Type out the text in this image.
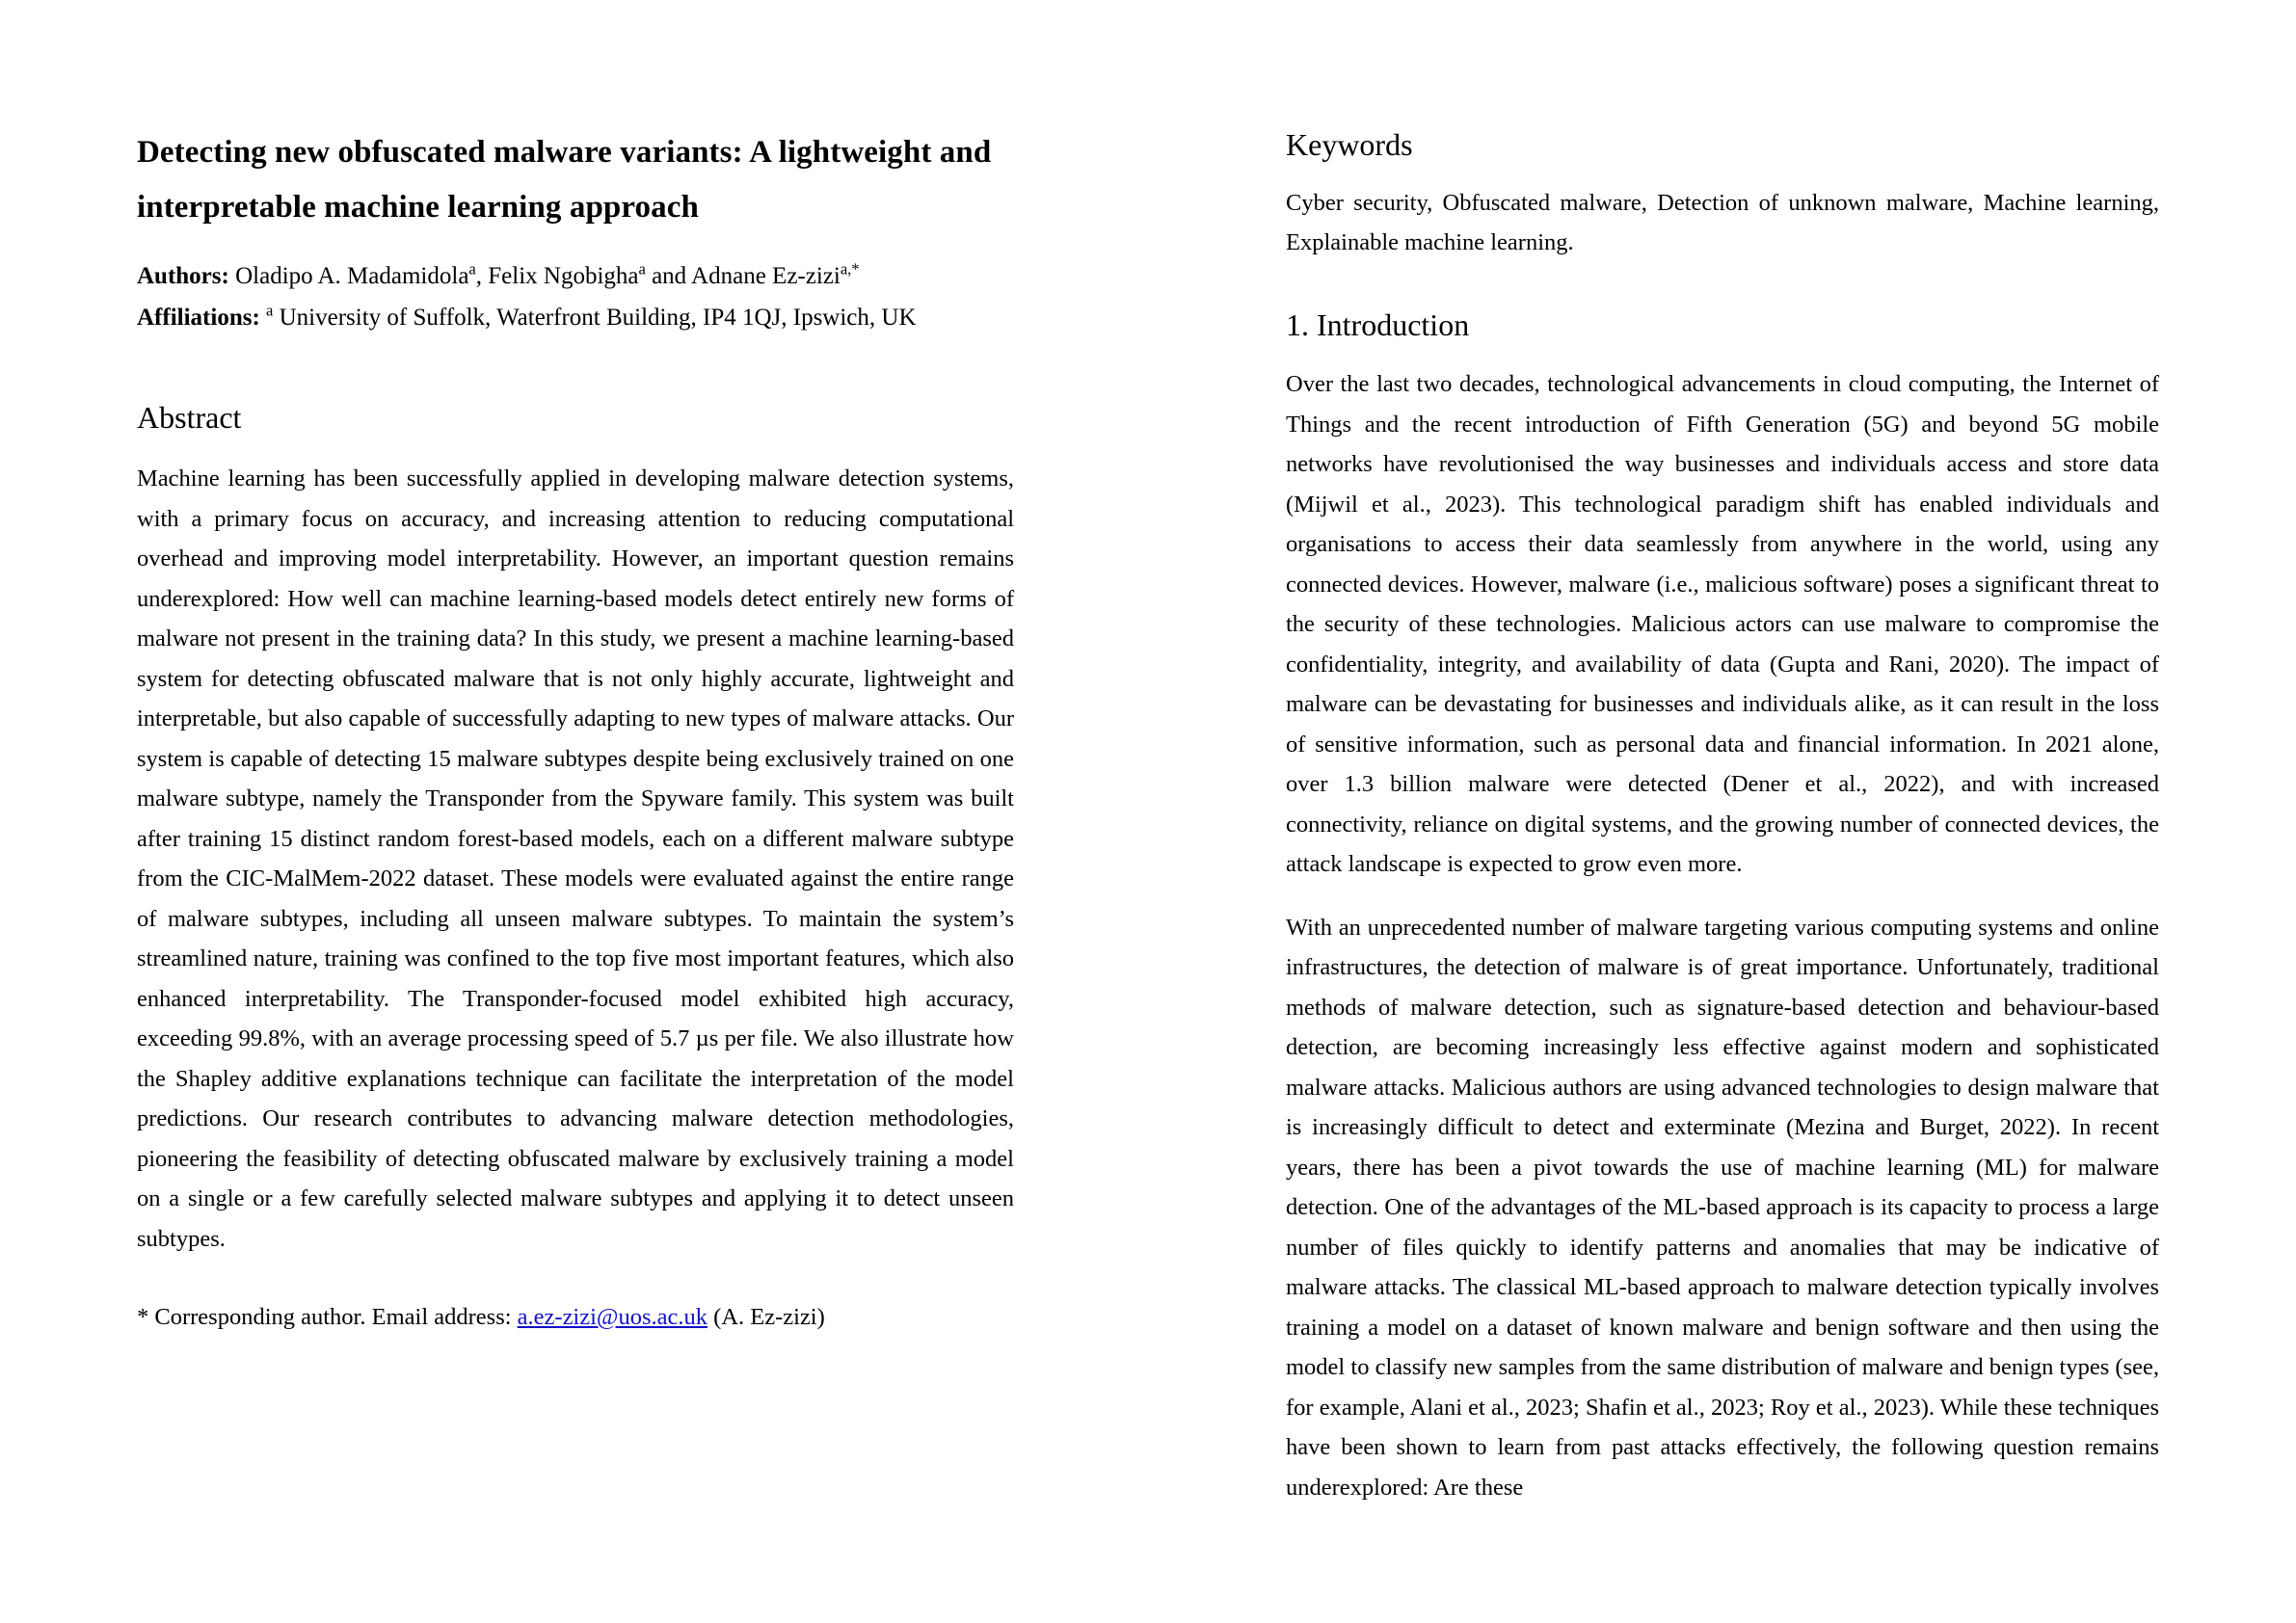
Detecting new obfuscated malware variants: A lightweight and interpretable machine learning approach

Authors: Oladipo A. Madamidola$^a$, Felix Ngobigha$^a$ and Adnane Ez-zizi$^{a,*}$

Affiliations: $^a$ University of Suffolk, Waterfront Building, IP4 1QJ, Ipswich, UK

Abstract

Machine learning has been successfully applied in developing malware detection systems, with a primary focus on accuracy, and increasing attention to reducing computational overhead and improving model interpretability. However, an important question remains underexplored: How well can machine learning-based models detect entirely new forms of malware not present in the training data? In this study, we present a machine learning-based system for detecting obfuscated malware that is not only highly accurate, lightweight and interpretable, but also capable of successfully adapting to new types of malware attacks. Our system is capable of detecting 15 malware subtypes despite being exclusively trained on one malware subtype, namely the Transponder from the Spyware family. This system was built after training 15 distinct random forest-based models, each on a different malware subtype from the CIC-MalMem-2022 dataset. These models were evaluated against the entire range of malware subtypes, including all unseen malware subtypes. To maintain the system’s streamlined nature, training was confined to the top five most important features, which also enhanced interpretability. The Transponder-focused model exhibited high accuracy, exceeding 99.8%, with an average processing speed of 5.7 µs per file. We also illustrate how the Shapley additive explanations technique can facilitate the interpretation of the model predictions. Our research contributes to advancing malware detection methodologies, pioneering the feasibility of detecting obfuscated malware by exclusively training a model on a single or a few carefully selected malware subtypes and applying it to detect unseen subtypes.

* Corresponding author. Email address: a.ez-zizi@uos.ac.uk (A. Ez-zizi)

Keywords

Cyber security, Obfuscated malware, Detection of unknown malware, Machine learning, Explainable machine learning.

1. Introduction

Over the last two decades, technological advancements in cloud computing, the Internet of Things and the recent introduction of Fifth Generation (5G) and beyond 5G mobile networks have revolutionised the way businesses and individuals access and store data (Mijwil et al., 2023). This technological paradigm shift has enabled individuals and organisations to access their data seamlessly from anywhere in the world, using any connected devices. However, malware (i.e., malicious software) poses a significant threat to the security of these technologies. Malicious actors can use malware to compromise the confidentiality, integrity, and availability of data (Gupta and Rani, 2020). The impact of malware can be devastating for businesses and individuals alike, as it can result in the loss of sensitive information, such as personal data and financial information. In 2021 alone, over 1.3 billion malware were detected (Dener et al., 2022), and with increased connectivity, reliance on digital systems, and the growing number of connected devices, the attack landscape is expected to grow even more.

With an unprecedented number of malware targeting various computing systems and online infrastructures, the detection of malware is of great importance. Unfortunately, traditional methods of malware detection, such as signature-based detection and behaviour-based detection, are becoming increasingly less effective against modern and sophisticated malware attacks. Malicious authors are using advanced technologies to design malware that is increasingly difficult to detect and exterminate (Mezina and Burget, 2022). In recent years, there has been a pivot towards the use of machine learning (ML) for malware detection. One of the advantages of the ML-based approach is its capacity to process a large number of files quickly to identify patterns and anomalies that may be indicative of malware attacks. The classical ML-based approach to malware detection typically involves training a model on a dataset of known malware and benign software and then using the model to classify new samples from the same distribution of malware and benign types (see, for example, Alani et al., 2023; Shafin et al., 2023; Roy et al., 2023). While these techniques have been shown to learn from past attacks effectively, the following question remains underexplored: Are these
